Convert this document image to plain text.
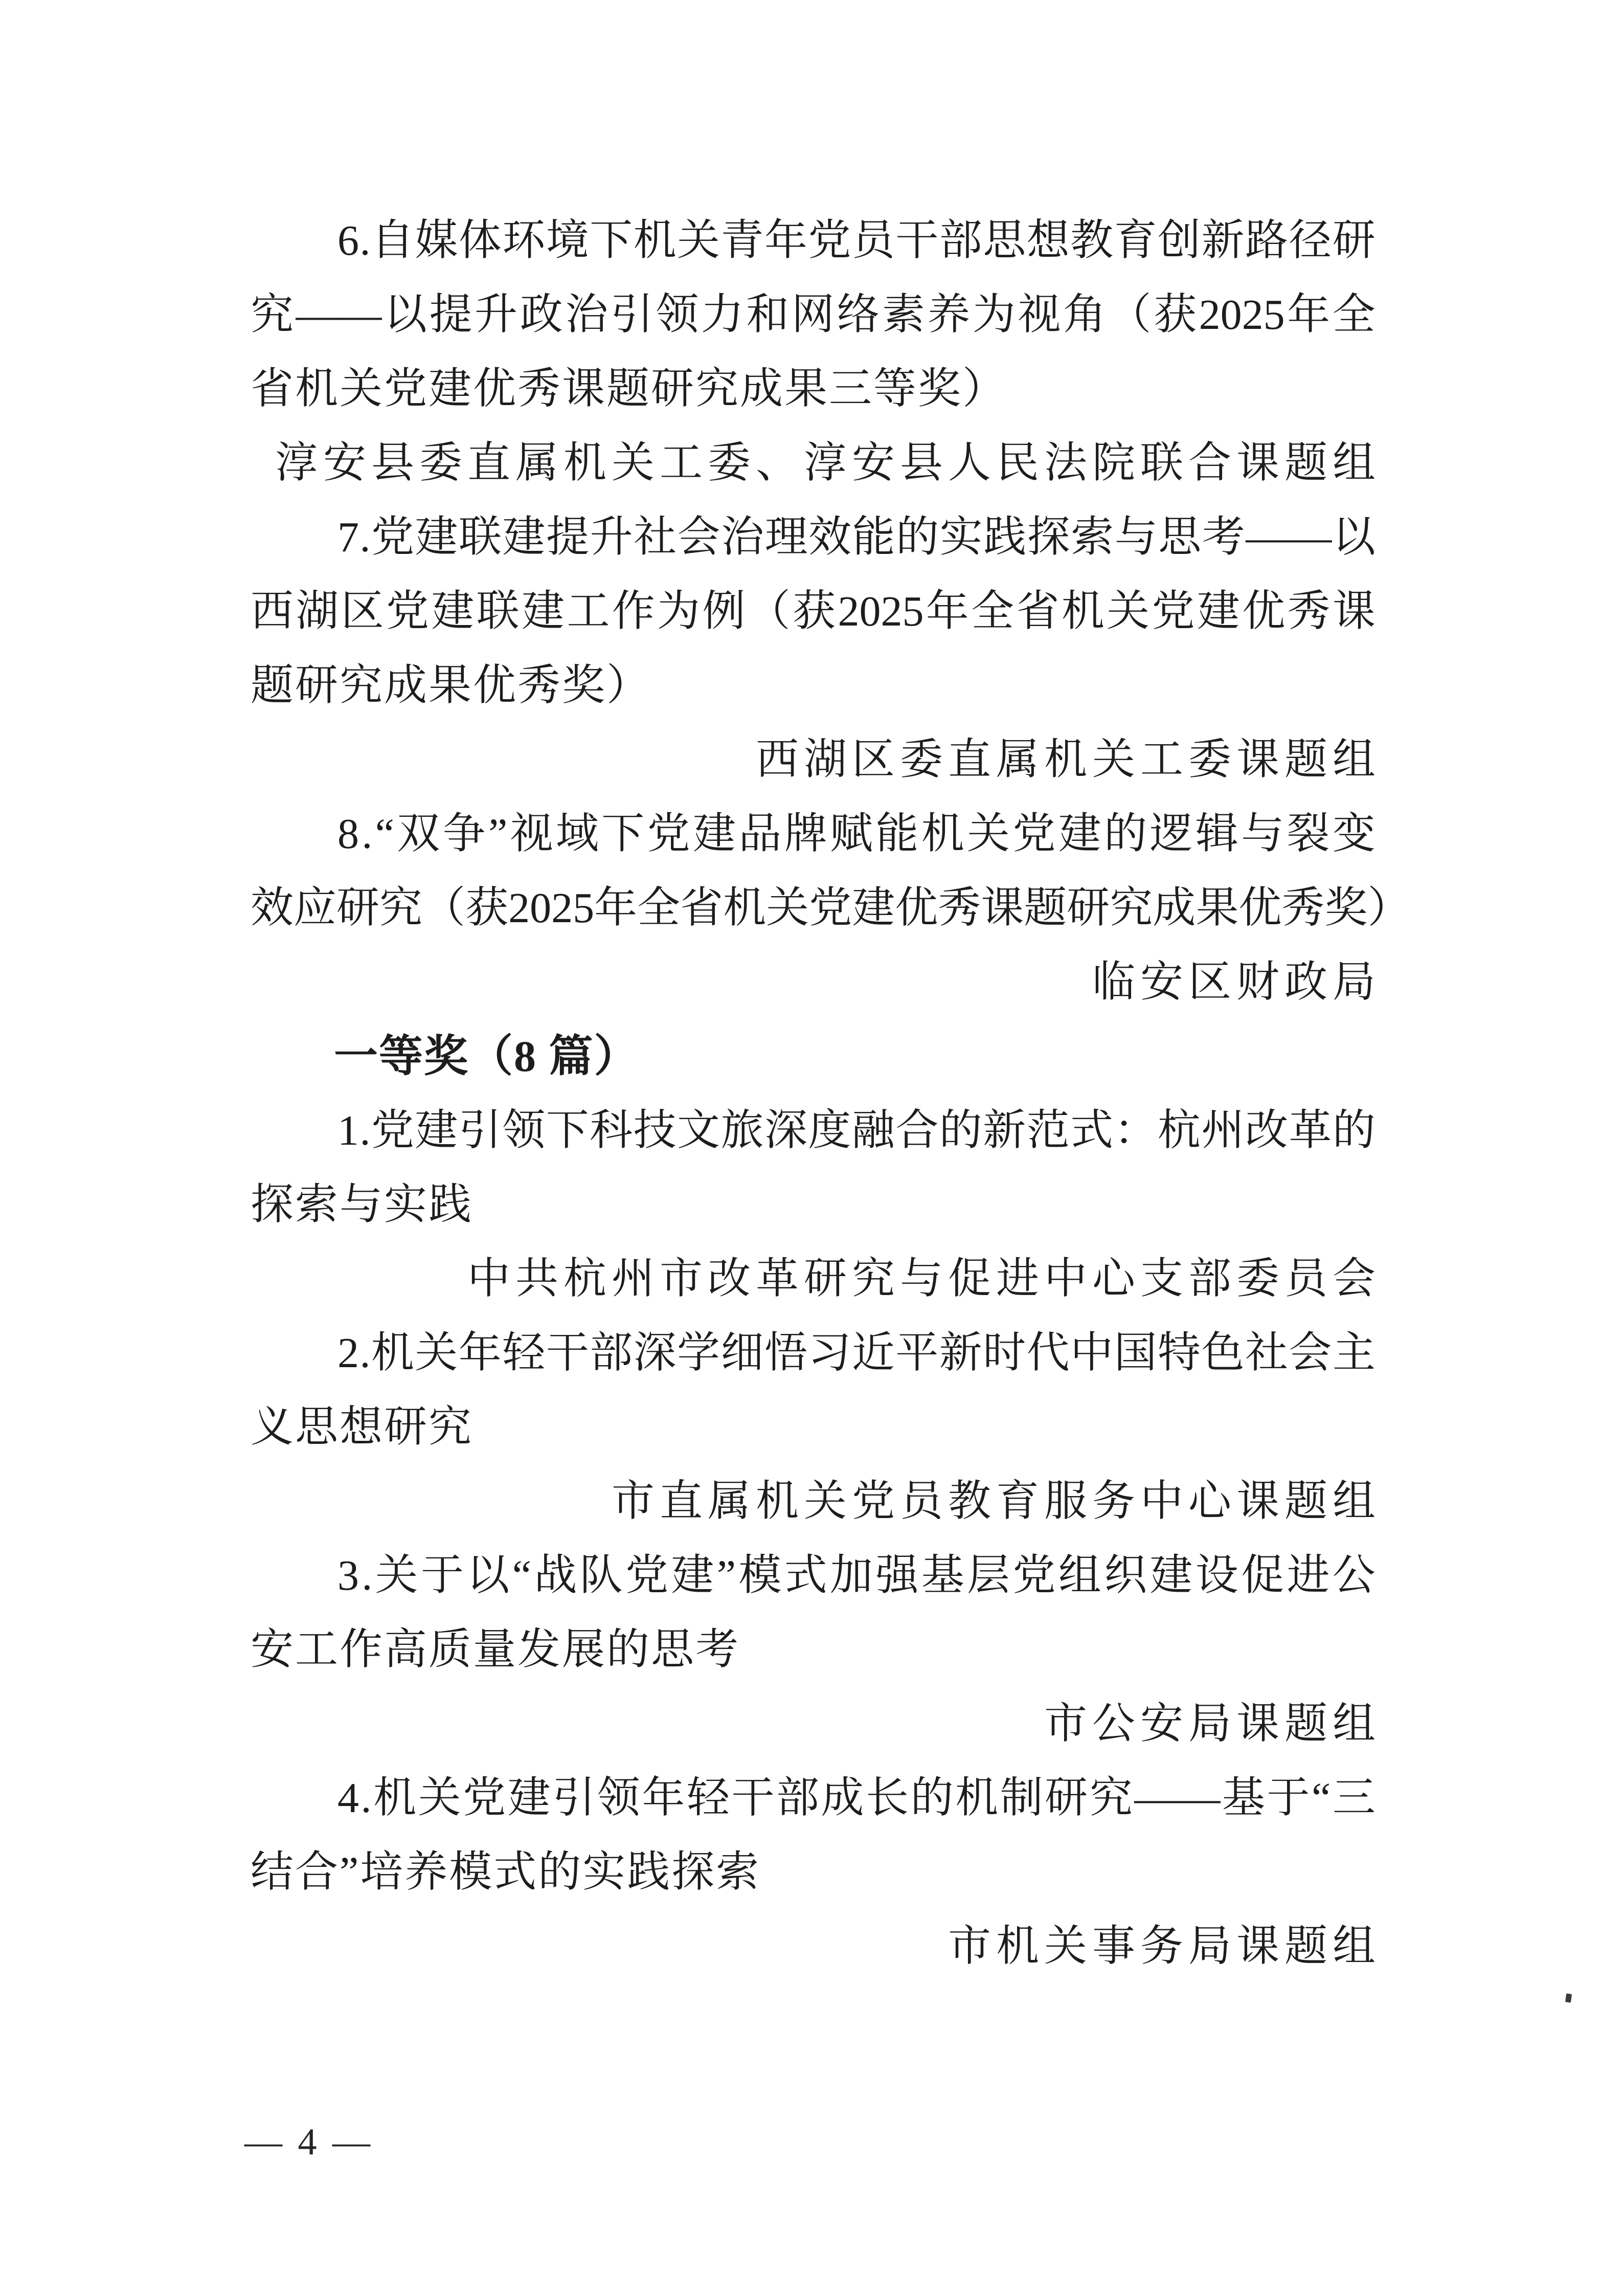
6 . 自 媒 体 环 境 下 机 关 青 年 党 员 干 部 思 想 教 育 创 新 路 径 研
究 —— 以 提 升 政 治 引 领 力 和 网 络 素 养 为 视 角 （ 获 2025 年 全
省机关党建优秀课题研究成果三等奖）
淳安县委直属机关工委、淳安县人民法院联合课题组
7 . 党 建 联 建 提 升 社 会 治 理 效 能 的 实 践 探 索 与 思 考 —— 以
西 湖 区 党 建 联 建 工 作 为 例 （ 获 2025 年 全 省 机 关 党 建 优 秀 课
题研究成果优秀奖）
西湖区委直属机关工委课题组
8 . “ 双 争 ” 视 域 下 党 建 品 牌 赋 能 机 关 党 建 的 逻 辑 与 裂 变
效 应 研 究 （ 获 2025 年 全 省 机 关 党 建 优 秀 课 题 研 究 成 果 优 秀 奖 ）
临安区财政局
一等奖（8 篇）
1 . 党 建 引 领 下 科 技 文 旅 深 度 融 合 的 新 范 式 ： 杭 州 改 革 的
探索与实践
中共杭州市改革研究与促进中心支部委员会
2 . 机 关 年 轻 干 部 深 学 细 悟 习 近 平 新 时 代 中 国 特 色 社 会 主
义思想研究
市直属机关党员教育服务中心课题组
3 . 关 于 以 “ 战 队 党 建 ” 模 式 加 强 基 层 党 组 织 建 设 促 进 公
安工作高质量发展的思考
市公安局课题组
4 . 机 关 党 建 引 领 年 轻 干 部 成 长 的 机 制 研 究 —— 基 于 “ 三
结合”培养模式的实践探索
市机关事务局课题组
— 4 —
